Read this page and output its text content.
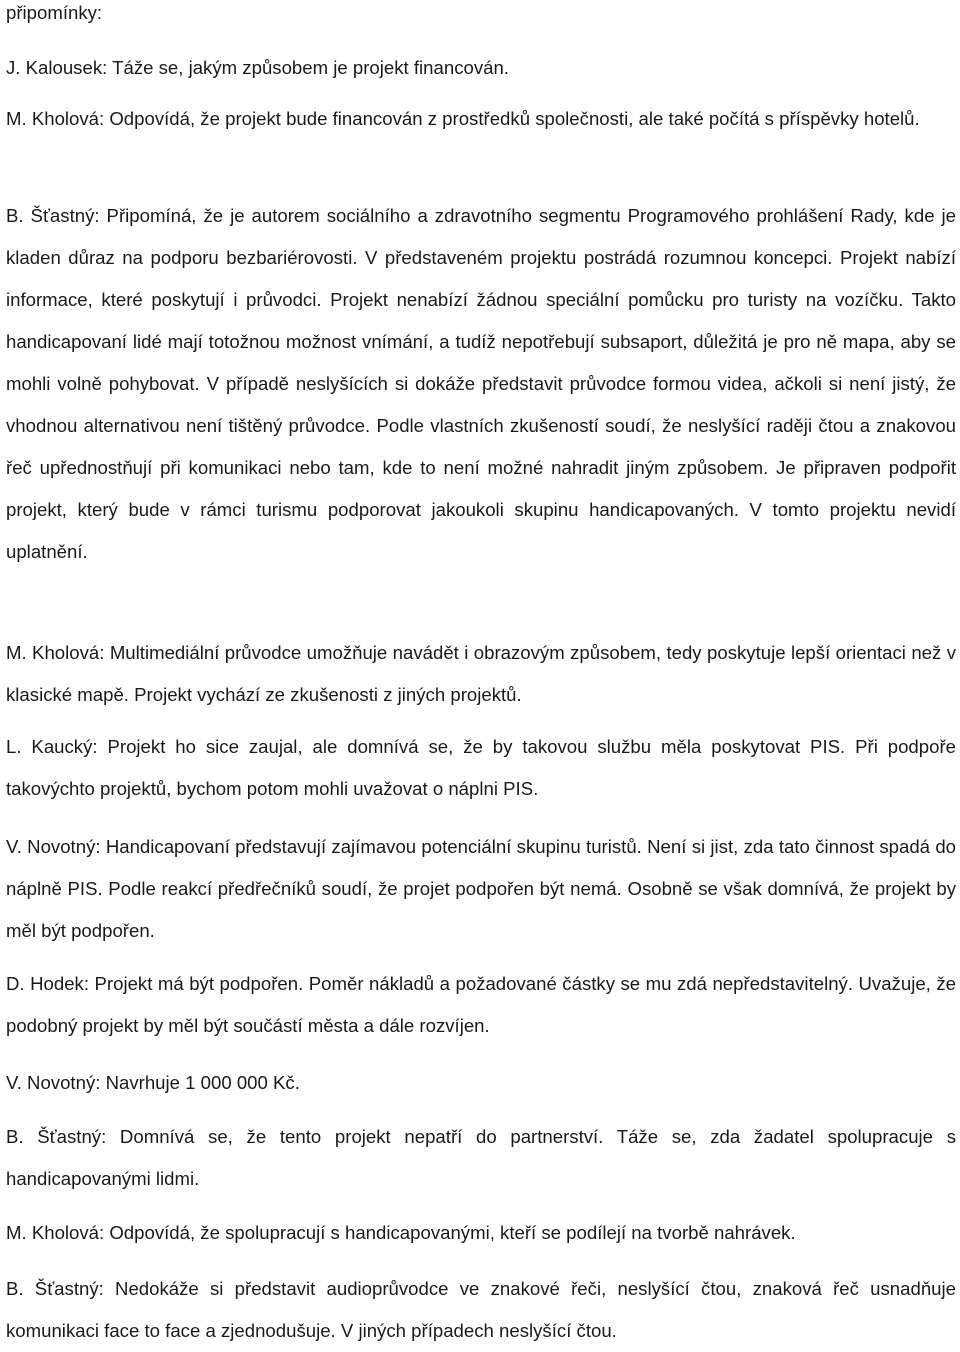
připomínky:

J. Kalousek: Táže se, jakým způsobem je projekt financován.

M. Kholová: Odpovídá, že projekt bude financován z prostředků společnosti, ale také počítá s příspěvky hotelů.

B. Šťastný: Připomíná, že je autorem sociálního a zdravotního segmentu Programového prohlášení Rady, kde je kladen důraz na podporu bezbariérovosti. V představeném projektu postrádá rozumnou koncepci. Projekt nabízí informace, které poskytují i průvodci. Projekt nenabízí žádnou speciální pomůcku pro turisty na vozíčku. Takto handicapovaní lidé mají totožnou možnost vnímání, a tudíž nepotřebují subsaport, důležitá je pro ně mapa, aby se mohli volně pohybovat. V případě neslyšících si dokáže představit průvodce formou videa, ačkoli si není jistý, že vhodnou alternativou není tištěný průvodce. Podle vlastních zkušeností soudí, že neslyšící raději čtou a znakovou řeč upřednostňují při komunikaci nebo tam, kde to není možné nahradit jiným způsobem. Je připraven podpořit projekt, který bude v rámci turismu podporovat jakoukoli skupinu handicapovaných. V tomto projektu nevidí uplatnění.

M. Kholová: Multimediální průvodce umožňuje navádět i obrazovým způsobem, tedy poskytuje lepší orientaci než v klasické mapě. Projekt vychází ze zkušenosti z jiných projektů.

L. Kaucký: Projekt ho sice zaujal, ale domnívá se, že by takovou službu měla poskytovat PIS. Při podpoře takovýchto projektů, bychom potom mohli uvažovat o náplni PIS.

V. Novotný: Handicapovaní představují zajímavou potenciální skupinu turistů. Není si jist, zda tato činnost spadá do náplně PIS. Podle reakcí předřečníků soudí, že projet podpořen být nemá. Osobně se však domnívá, že projekt by měl být podpořen.

D. Hodek: Projekt má být podpořen. Poměr nákladů a požadované částky se mu zdá nepředstavitelný. Uvažuje, že podobný projekt by měl být součástí města a dále rozvíjen.

V. Novotný: Navrhuje 1 000 000 Kč.

B. Šťastný: Domnívá se, že tento projekt nepatří do partnerství. Táže se, zda žadatel spolupracuje s handicapovanými lidmi.

M. Kholová: Odpovídá, že spolupracují s handicapovanými, kteří se podílejí na tvorbě nahrávek.

B. Šťastný: Nedokáže si představit audioprůvodce ve znakové řeči, neslyšící čtou, znaková řeč usnadňuje komunikaci face to face a zjednodušuje. V jiných případech neslyšící čtou.
